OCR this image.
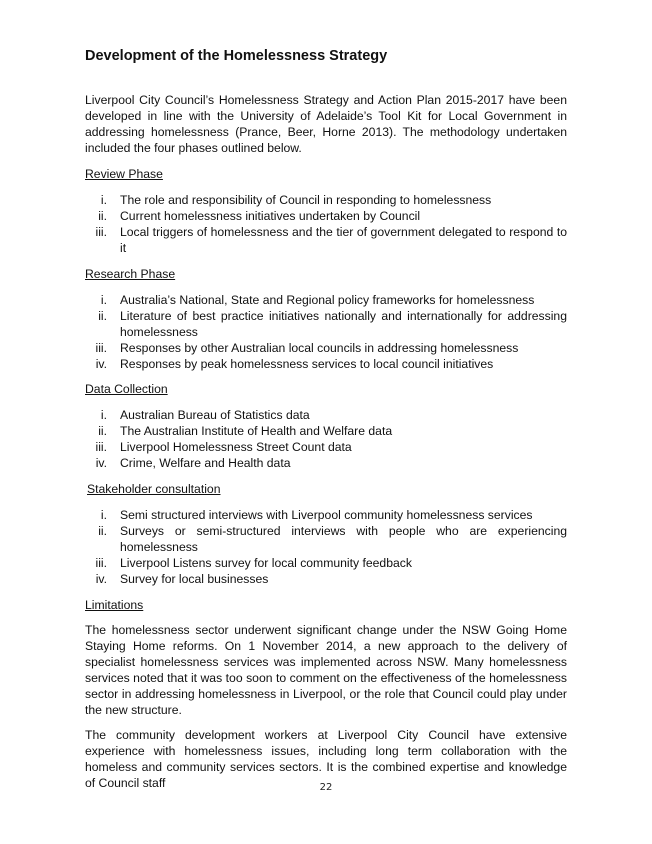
Development of the Homelessness Strategy

Liverpool City Council’s Homelessness Strategy and Action Plan 2015-2017 have been developed in line with the University of Adelaide’s Tool Kit for Local Government in addressing homelessness (Prance, Beer, Horne 2013). The methodology undertaken included the four phases outlined below.

Review Phase

i. The role and responsibility of Council in responding to homelessness
ii. Current homelessness initiatives undertaken by Council
iii. Local triggers of homelessness and the tier of government delegated to respond to it

Research Phase

i. Australia’s National, State and Regional policy frameworks for homelessness
ii. Literature of best practice initiatives nationally and internationally for addressing homelessness
iii. Responses by other Australian local councils in addressing homelessness
iv. Responses by peak homelessness services to local council initiatives

Data Collection

i. Australian Bureau of Statistics data
ii. The Australian Institute of Health and Welfare data
iii. Liverpool Homelessness Street Count data
iv. Crime, Welfare and Health data

Stakeholder consultation

i. Semi structured interviews with Liverpool community homelessness services
ii. Surveys or semi-structured interviews with people who are experiencing homelessness
iii. Liverpool Listens survey for local community feedback
iv. Survey for local businesses

Limitations

The homelessness sector underwent significant change under the NSW Going Home Staying Home reforms. On 1 November 2014, a new approach to the delivery of specialist homelessness services was implemented across NSW. Many homelessness services noted that it was too soon to comment on the effectiveness of the homelessness sector in addressing homelessness in Liverpool, or the role that Council could play under the new structure.

The community development workers at Liverpool City Council have extensive experience with homelessness issues, including long term collaboration with the homeless and community services sectors. It is the combined expertise and knowledge of Council staff	22
